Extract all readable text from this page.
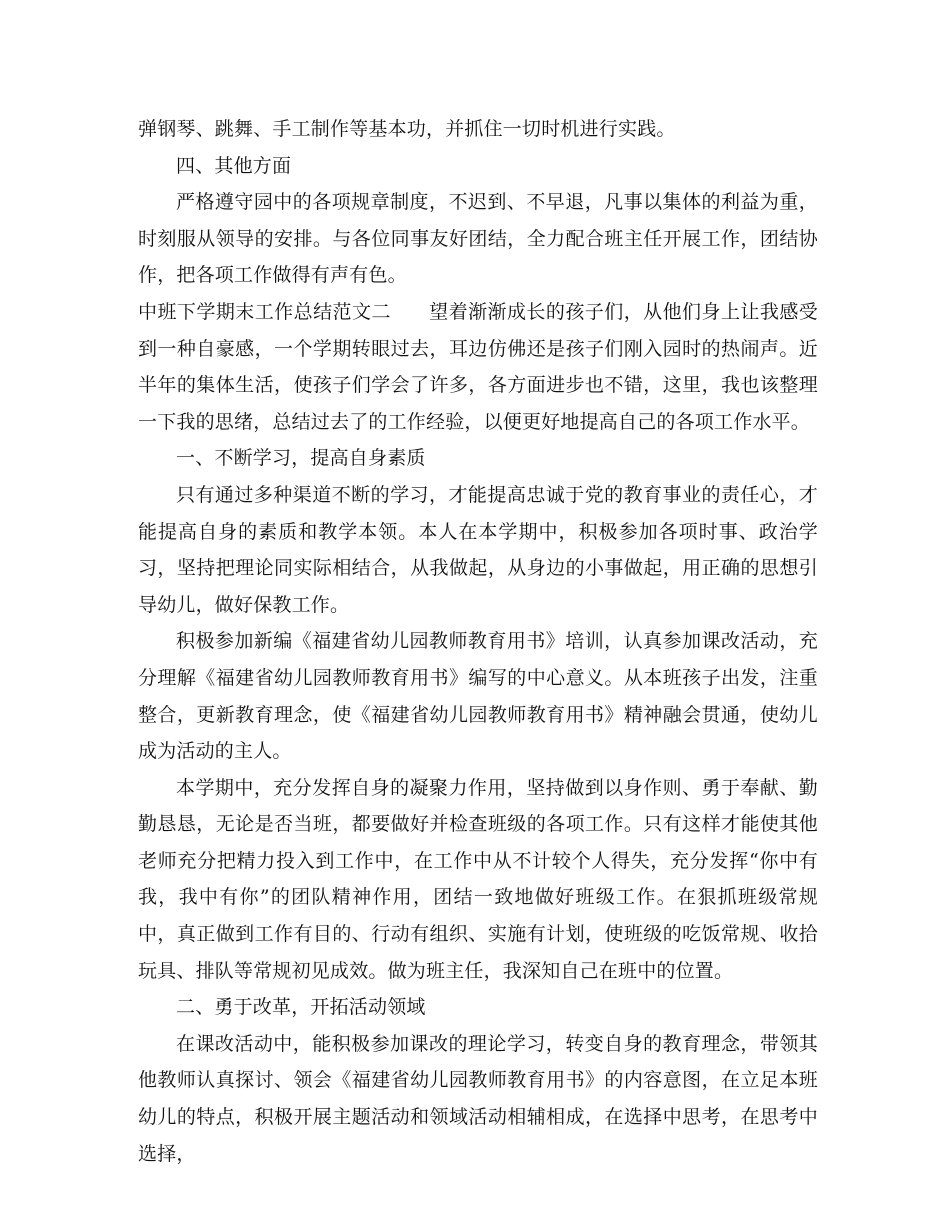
弹钢琴、跳舞、手工制作等基本功，并抓住一切时机进行实践。

四、其他方面

严格遵守园中的各项规章制度，不迟到、不早退，凡事以集体的利益为重，时刻服从领导的安排。与各位同事友好团结，全力配合班主任开展工作，团结协作，把各项工作做得有声有色。

中班下学期末工作总结范文二 望着渐渐成长的孩子们，从他们身上让我感受到一种自豪感，一个学期转眼过去，耳边仿佛还是孩子们刚入园时的热闹声。近半年的集体生活，使孩子们学会了许多，各方面进步也不错，这里，我也该整理一下我的思绪，总结过去了的工作经验，以便更好地提高自己的各项工作水平。

一、不断学习，提高自身素质

只有通过多种渠道不断的学习，才能提高忠诚于党的教育事业的责任心，才能提高自身的素质和教学本领。本人在本学期中，积极参加各项时事、政治学习，坚持把理论同实际相结合，从我做起，从身边的小事做起，用正确的思想引导幼儿，做好保教工作。

积极参加新编《福建省幼儿园教师教育用书》培训，认真参加课改活动，充分理解《福建省幼儿园教师教育用书》编写的中心意义。从本班孩子出发，注重整合，更新教育理念，使《福建省幼儿园教师教育用书》精神融会贯通，使幼儿成为活动的主人。

本学期中，充分发挥自身的凝聚力作用，坚持做到以身作则、勇于奉献、勤勤恳恳，无论是否当班，都要做好并检查班级的各项工作。只有这样才能使其他老师充分把精力投入到工作中，在工作中从不计较个人得失，充分发挥“你中有我，我中有你”的团队精神作用，团结一致地做好班级工作。在狠抓班级常规中，真正做到工作有目的、行动有组织、实施有计划，使班级的吃饭常规、收拾玩具、排队等常规初见成效。做为班主任，我深知自己在班中的位置。

二、勇于改革，开拓活动领域

在课改活动中，能积极参加课改的理论学习，转变自身的教育理念，带领其他教师认真探讨、领会《福建省幼儿园教师教育用书》的内容意图，在立足本班幼儿的特点，积极开展主题活动和领域活动相辅相成，在选择中思考，在思考中选择，
